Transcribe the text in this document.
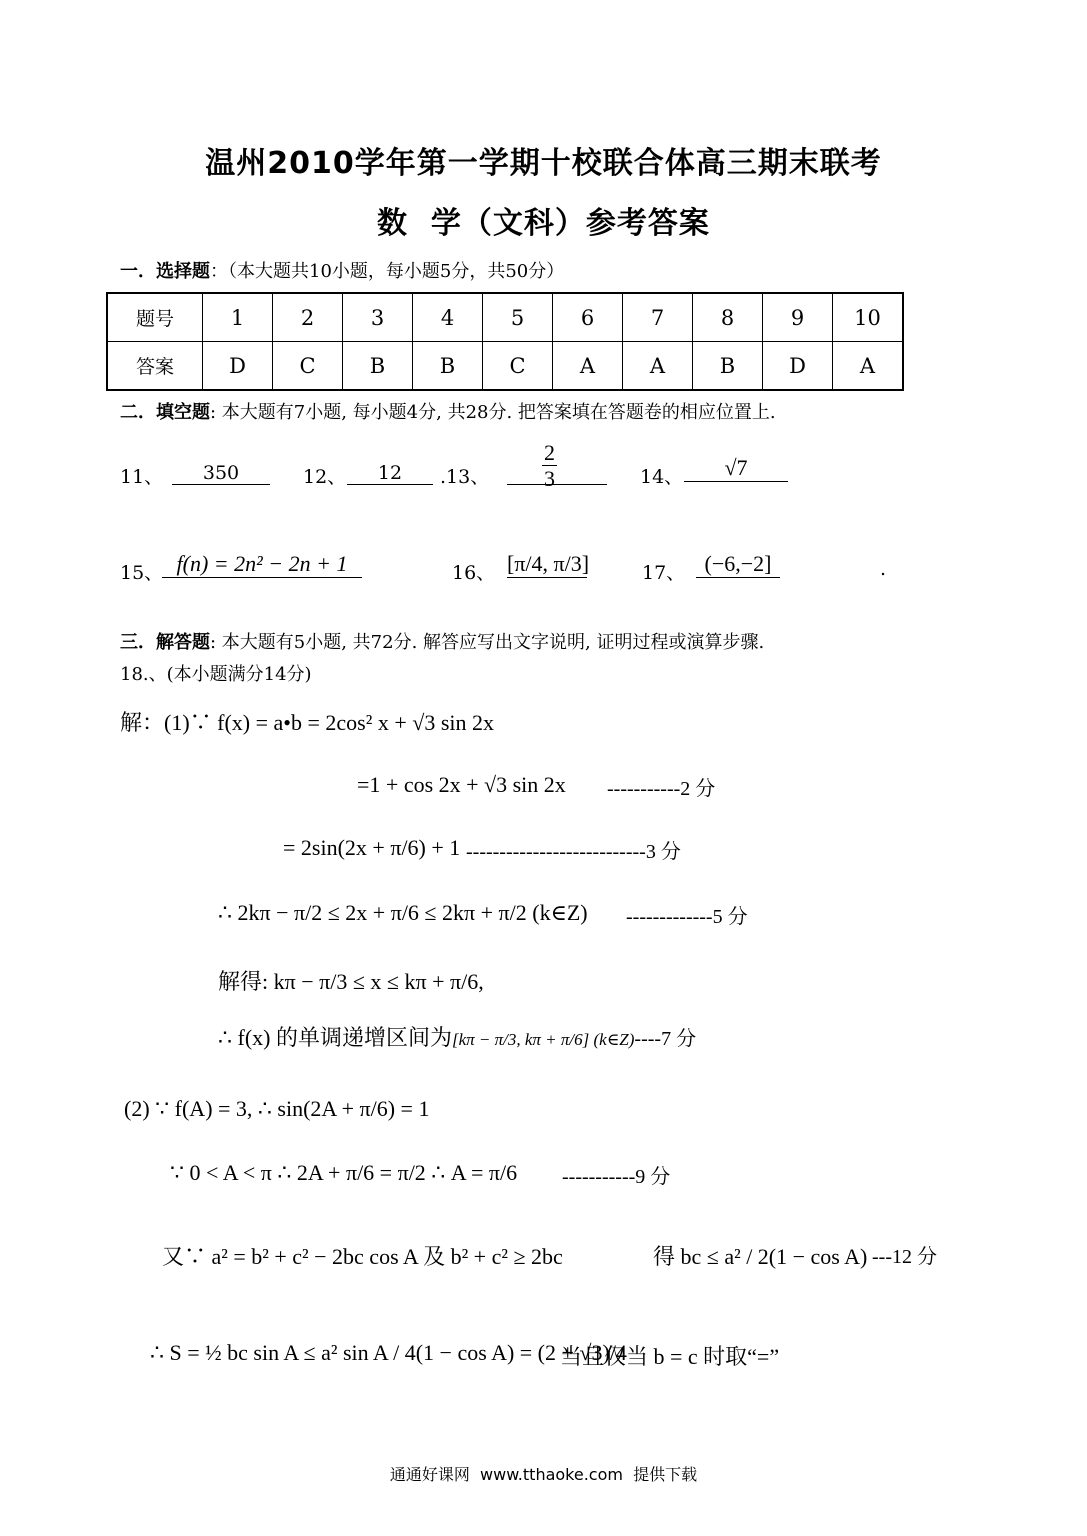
温州2010学年第一学期十校联合体高三期末联考
数  学（文科）参考答案
一．选择题：（本大题共10小题，每小题5分，共50分）
题号	1	2	3	4	5	6	7	8	9	10
答案	D	C	B	B	C	A	A	B	D	A
二．填空题: 本大题有7小题, 每小题4分, 共28分. 把答案填在答题卷的相应位置上.
11、	350	12、	12	.13、 $\frac{2}{3}$	14、	√7
15、 f(n) = 2n² − 2n + 1	16、 [π/4, π/3]	17、 (−6,−2]	.
三．解答题: 本大题有5小题, 共72分. 解答应写出文字说明, 证明过程或演算步骤.
18.、(本小题满分14分)
解：(1)∵ f(x) = a•b = 2cos² x + √3 sin 2x
=1 + cos 2x + √3 sin 2x -----------2 分
= 2sin(2x + π/6) + 1 ---------------------------3 分
∴ 2kπ − π/2 ≤ 2x + π/6 ≤ 2kπ + π/2 (k∈Z) -------------5 分
解得: kπ − π/3 ≤ x ≤ kπ + π/6,
∴ f(x) 的单调递增区间为[kπ − π/3, kπ + π/6] (k∈Z)----7 分
(2) ∵ f(A) = 3, ∴ sin(2A + π/6) = 1
∵ 0 < A < π ∴ 2A + π/6 = π/2 ∴ A = π/6 -----------9 分
又∵ a² = b² + c² − 2bc cos A 及 b² + c² ≥ 2bc	得 bc ≤ a² / 2(1 − cos A) ---12 分
∴ S = ½ bc sin A ≤ a² sin A / 4(1 − cos A) = (2 + √3)/4
当且仅当 b = c 时取“=”
通通好课网  www.tthaoke.com  提供下载
